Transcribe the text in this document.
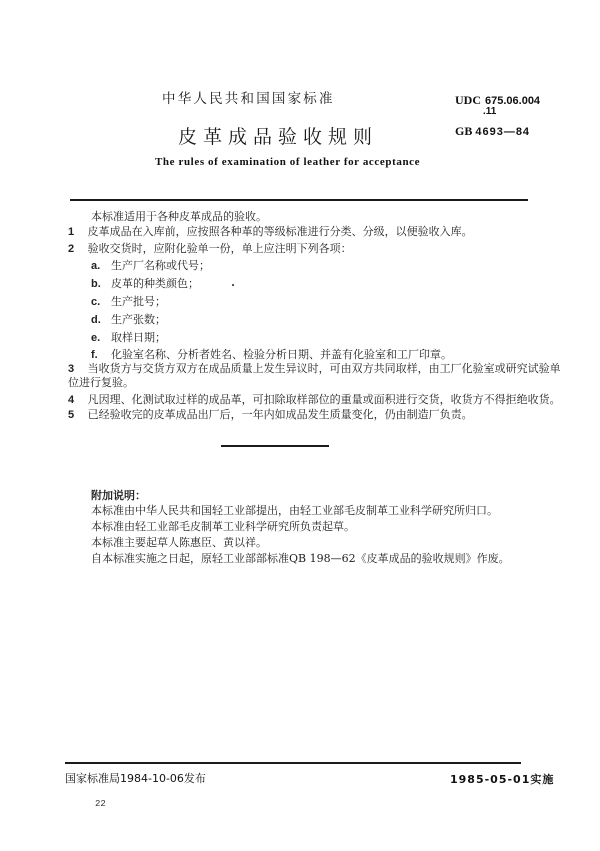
中华人民共和国国家标准
皮革成品验收规则
The rules of examination of leather for acceptance
UDC 675.06.004
.11
GB 4693—84
本标准适用于各种皮革成品的验收。
1 皮革成品在入库前，应按照各种革的等级标准进行分类、分级，以便验收入库。
2 验收交货时，应附化验单一份，单上应注明下列各项：
a. 生产厂名称或代号；
b. 皮革的种类颜色；
c. 生产批号；
d. 生产张数；
e. 取样日期；
f. 化验室名称、分析者姓名、检验分析日期、并盖有化验室和工厂印章。
3 当收货方与交货方双方在成品质量上发生异议时，可由双方共同取样，由工厂化验室或研究试验单
位进行复验。
4 凡因理、化测试取过样的成品革，可扣除取样部位的重量或面积进行交货，收货方不得拒绝收货。
5 已经验收完的皮革成品出厂后，一年内如成品发生质量变化，仍由制造厂负责。
附加说明：
本标准由中华人民共和国轻工业部提出，由轻工业部毛皮制革工业科学研究所归口。
本标准由轻工业部毛皮制革工业科学研究所负责起草。
本标准主要起草人陈惠臣、黄以祥。
自本标准实施之日起，原轻工业部部标准QB 198—62《皮革成品的验收规则》作废。
国家标准局1984-10-06发布	1985-05-01实施
22
